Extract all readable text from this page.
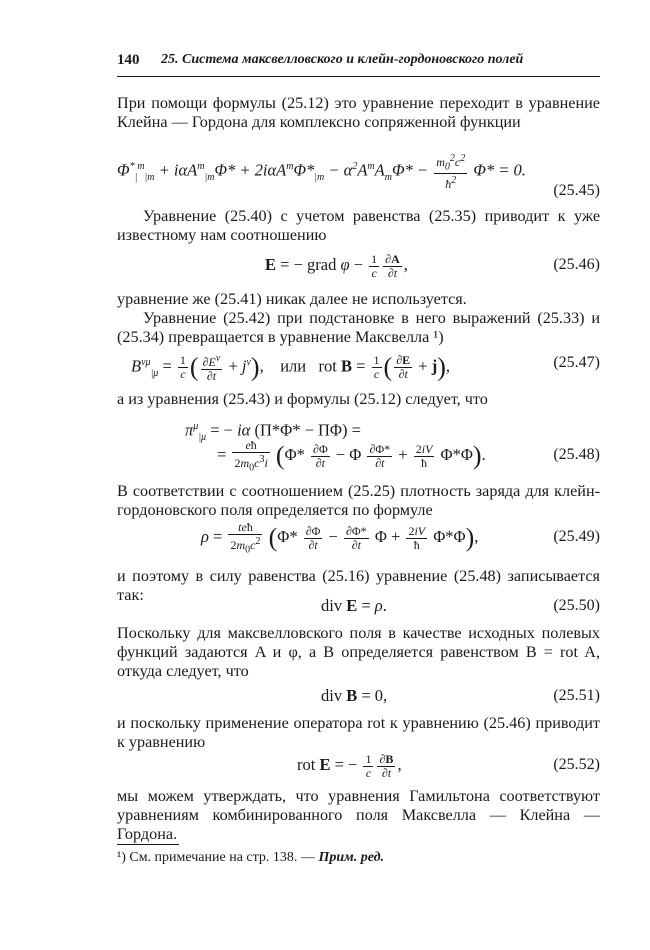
140 25. Система максвелловского и клейн-гордоновского полей
При помощи формулы (25.12) это уравнение переходит в уравнение Клейна — Гордона для комплексно сопряженной функции
$\Phi^*_|^m_{|m} + i\alpha A^m_{|m}\Phi* + 2i\alpha A^m\Phi*_{|m} - \alpha^2A^mA_m\Phi* - \frac{m_0^2c^2}{ħ^2} \Phi* = 0$.
(25.45)
Уравнение (25.40) с учетом равенства (25.35) приводит к уже известному нам соотношению
E = − grad $\varphi - \frac{1}{c} \frac{\partial A}{\partial t}$ ,	(25.46)
уравнение же (25.41) никак далее не используется.
Уравнение (25.42) при подстановке в него выражений (25.33) и (25.34) превращается в уравнение Максвелла ¹)
$B^{\nu\mu}_{|\mu} = \frac{1}{c}$ ( $\frac{\partial E^\nu}{\partial t} + j^\nu$),    или   rot $B = \frac{1}{c}$ ( $\frac{\partial E}{\partial t} + j$),	(25.47)
а из уравнения (25.43) и формулы (25.12) следует, что
$\pi^\mu_{|\mu}$ = − iα (Π*Φ* − ΠΦ) =
= $\frac{eħ}{2m_0c^3i} (\Phi* \frac{\partial\Phi}{\partial t} - \Phi \frac{\partial\Phi*}{\partial t} + \frac{2iV}{ħ} \Phi*\Phi)$.	(25.48)
В соответствии с соотношением (25.25) плотность заряда для клейн-гордоновского поля определяется по формуле
$\rho = \frac{\text{teħ}}{2m_0c^2} (\Phi* \frac{\partial\Phi}{\partial t} - \frac{\partial\Phi*}{\partial t}$ $\Phi + \frac{2iV}{ħ} \Phi*\Phi$),	(25.49)
и поэтому в силу равенства (25.16) уравнение (25.48) записывается так:
div E = ρ.	(25.50)
Поскольку для максвелловского поля в качестве исходных полевых функций задаются A и φ, а B определяется равенством B = rot A, откуда следует, что
div B = 0,	(25.51)
и поскольку применение оператора rot к уравнению (25.46) приводит к уравнению
rot E = − $\frac{1}{c} \frac{\partial B}{\partial t}$ ,	(25.52)
мы можем утверждать, что уравнения Гамильтона соответствуют уравнениям комбинированного поля Максвелла — Клейна — Гордона.
¹) См. примечание на стр. 138. — Прим. ред.
